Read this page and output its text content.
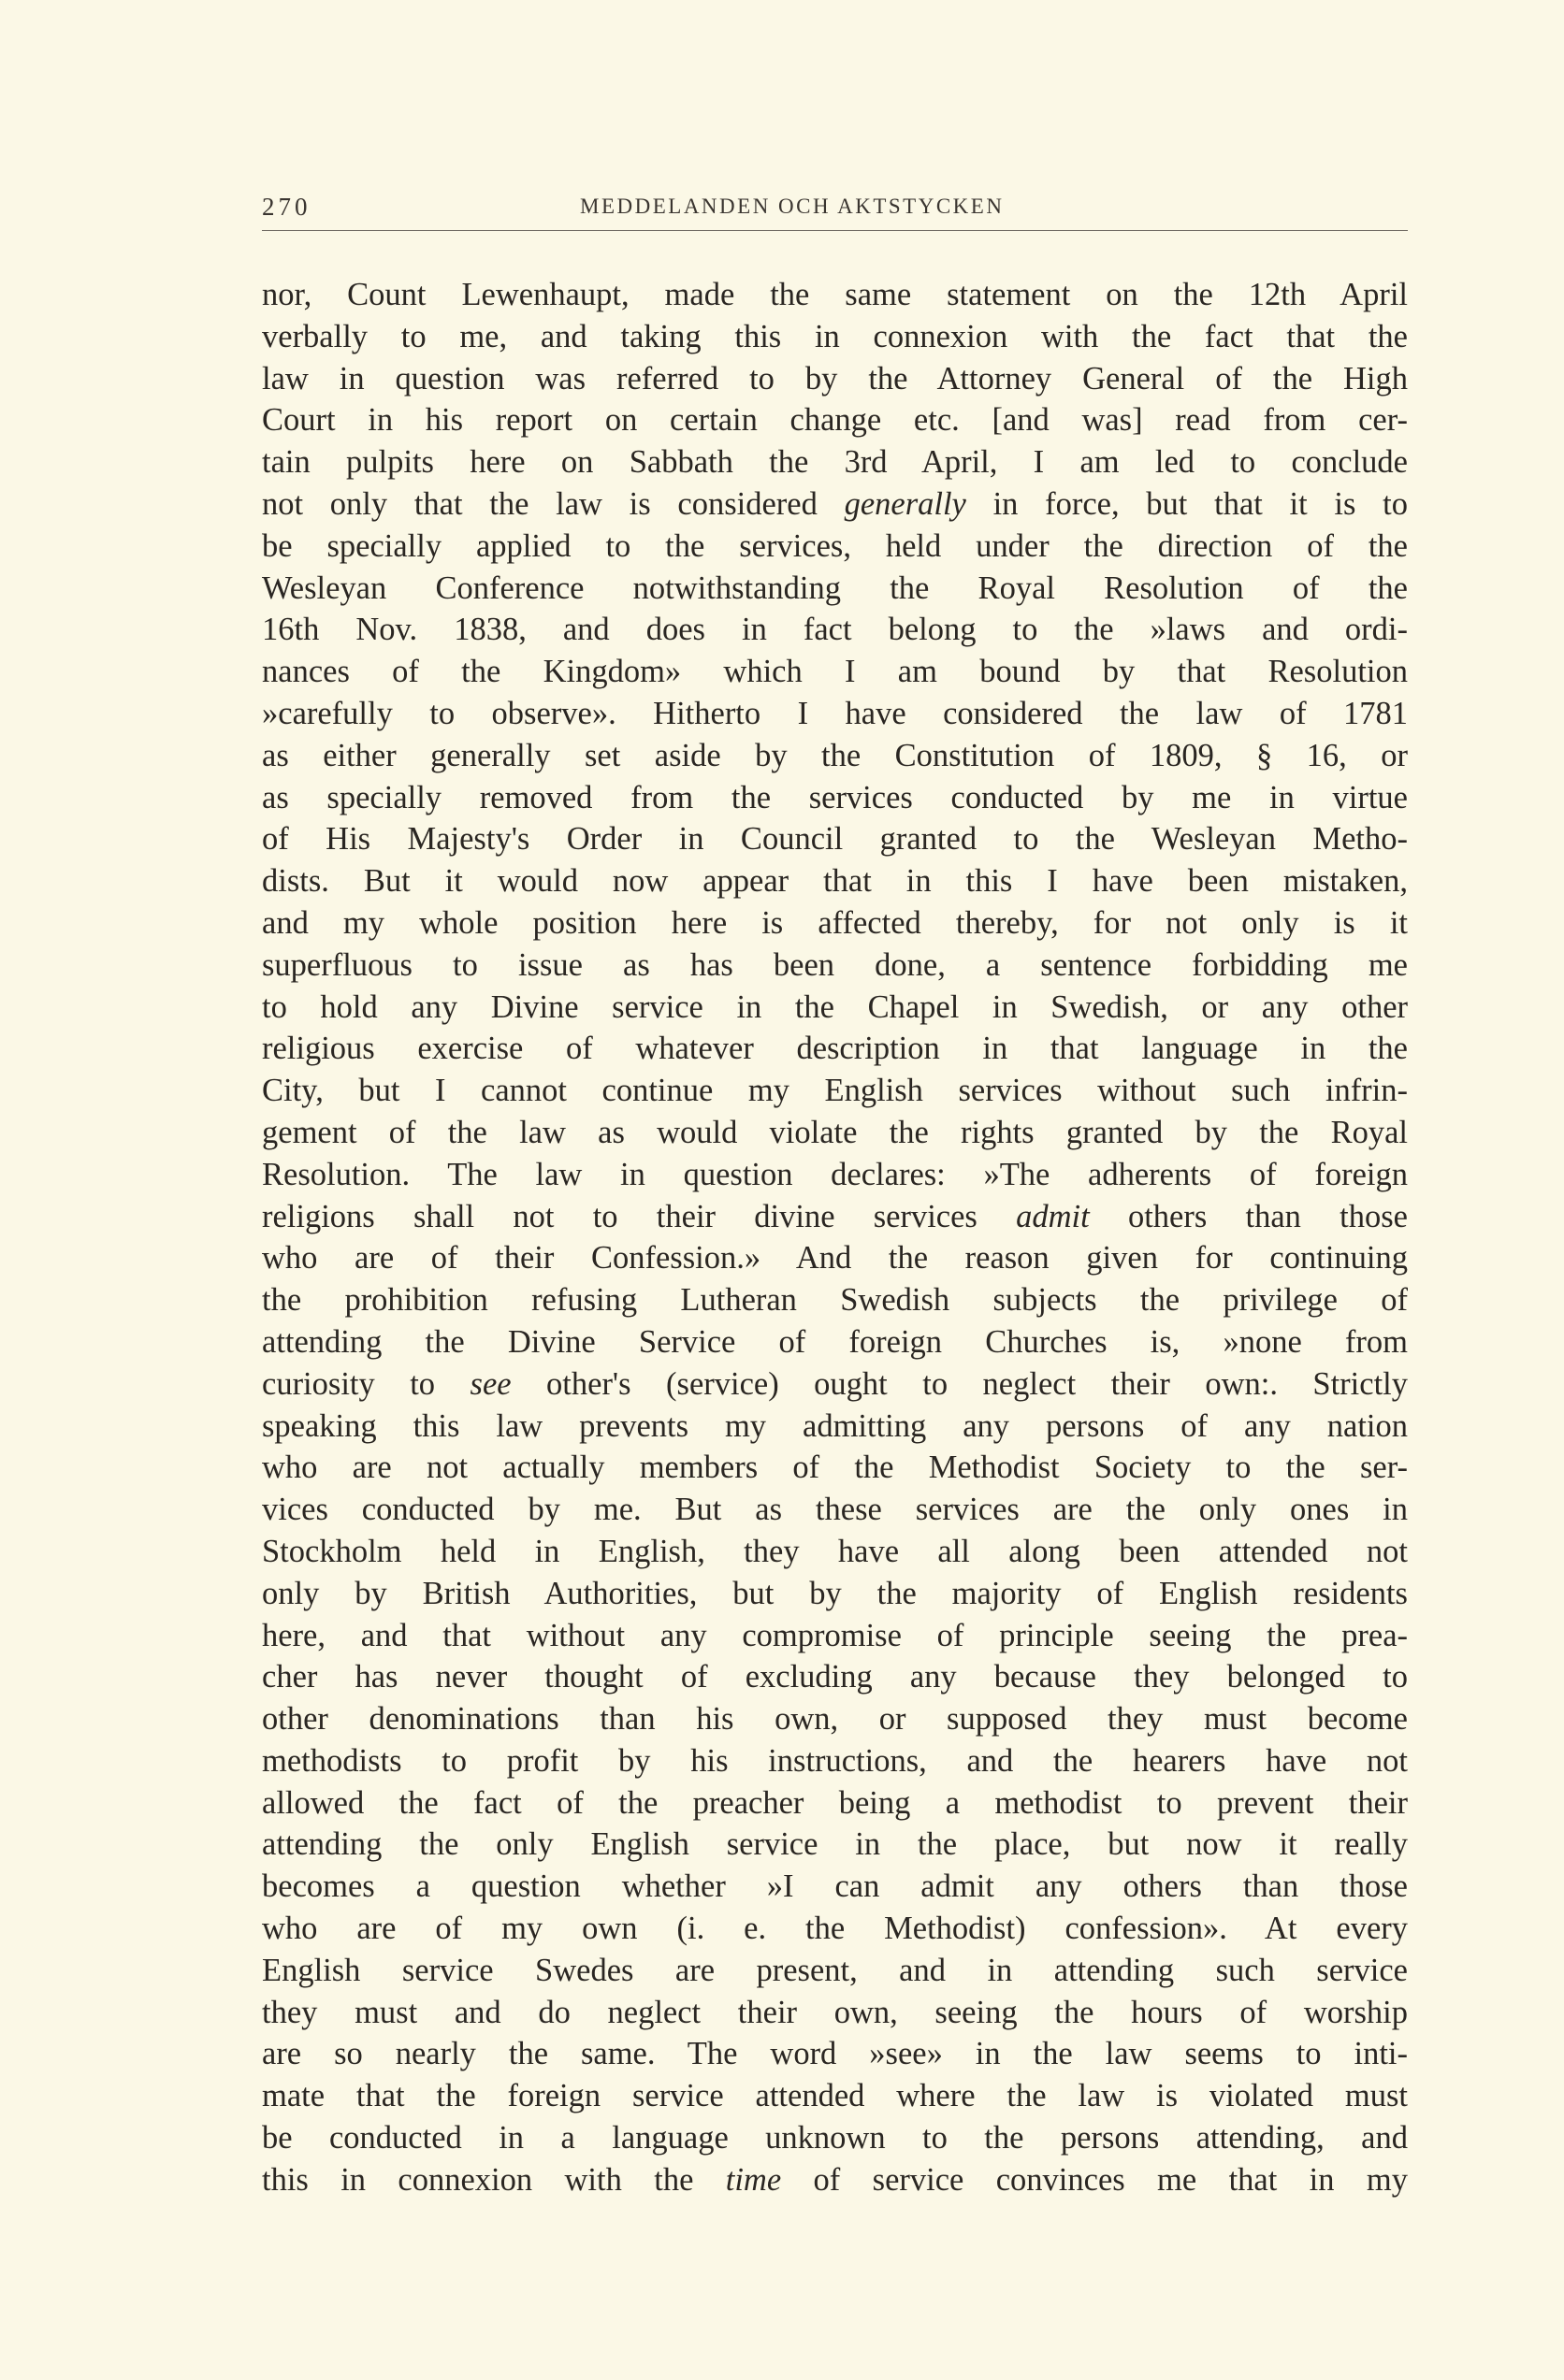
270	MEDDELANDEN OCH AKTSTYCKEN
nor, Count Lewenhaupt, made the same statement on the 12th April
verbally to me, and taking this in connexion with the fact that the
law in question was referred to by the Attorney General of the High
Court in his report on certain change etc. [and was] read from cer-
tain pulpits here on Sabbath the 3rd April, I am led to conclude
not only that the law is considered generally in force, but that it is to
be specially applied to the services, held under the direction of the
Wesleyan Conference notwithstanding the Royal Resolution of the
16th Nov. 1838, and does in fact belong to the »laws and ordi-
nances of the Kingdom» which I am bound by that Resolution
»carefully to observe». Hitherto I have considered the law of 1781
as either generally set aside by the Constitution of 1809, § 16, or
as specially removed from the services conducted by me in virtue
of His Majesty's Order in Council granted to the Wesleyan Metho-
dists. But it would now appear that in this I have been mistaken,
and my whole position here is affected thereby, for not only is it
superfluous to issue as has been done, a sentence forbidding me
to hold any Divine service in the Chapel in Swedish, or any other
religious exercise of whatever description in that language in the
City, but I cannot continue my English services without such infrin-
gement of the law as would violate the rights granted by the Royal
Resolution. The law in question declares: »The adherents of foreign
religions shall not to their divine services admit others than those
who are of their Confession.» And the reason given for continuing
the prohibition refusing Lutheran Swedish subjects the privilege of
attending the Divine Service of foreign Churches is, »none from
curiosity to see other's (service) ought to neglect their own:. Strictly
speaking this law prevents my admitting any persons of any nation
who are not actually members of the Methodist Society to the ser-
vices conducted by me. But as these services are the only ones in
Stockholm held in English, they have all along been attended not
only by British Authorities, but by the majority of English residents
here, and that without any compromise of principle seeing the prea-
cher has never thought of excluding any because they belonged to
other denominations than his own, or supposed they must become
methodists to profit by his instructions, and the hearers have not
allowed the fact of the preacher being a methodist to prevent their
attending the only English service in the place, but now it really
becomes a question whether »I can admit any others than those
who are of my own (i. e. the Methodist) confession». At every
English service Swedes are present, and in attending such service
they must and do neglect their own, seeing the hours of worship
are so nearly the same. The word »see» in the law seems to inti-
mate that the foreign service attended where the law is violated must
be conducted in a language unknown to the persons attending, and
this in connexion with the time of service convinces me that in my
